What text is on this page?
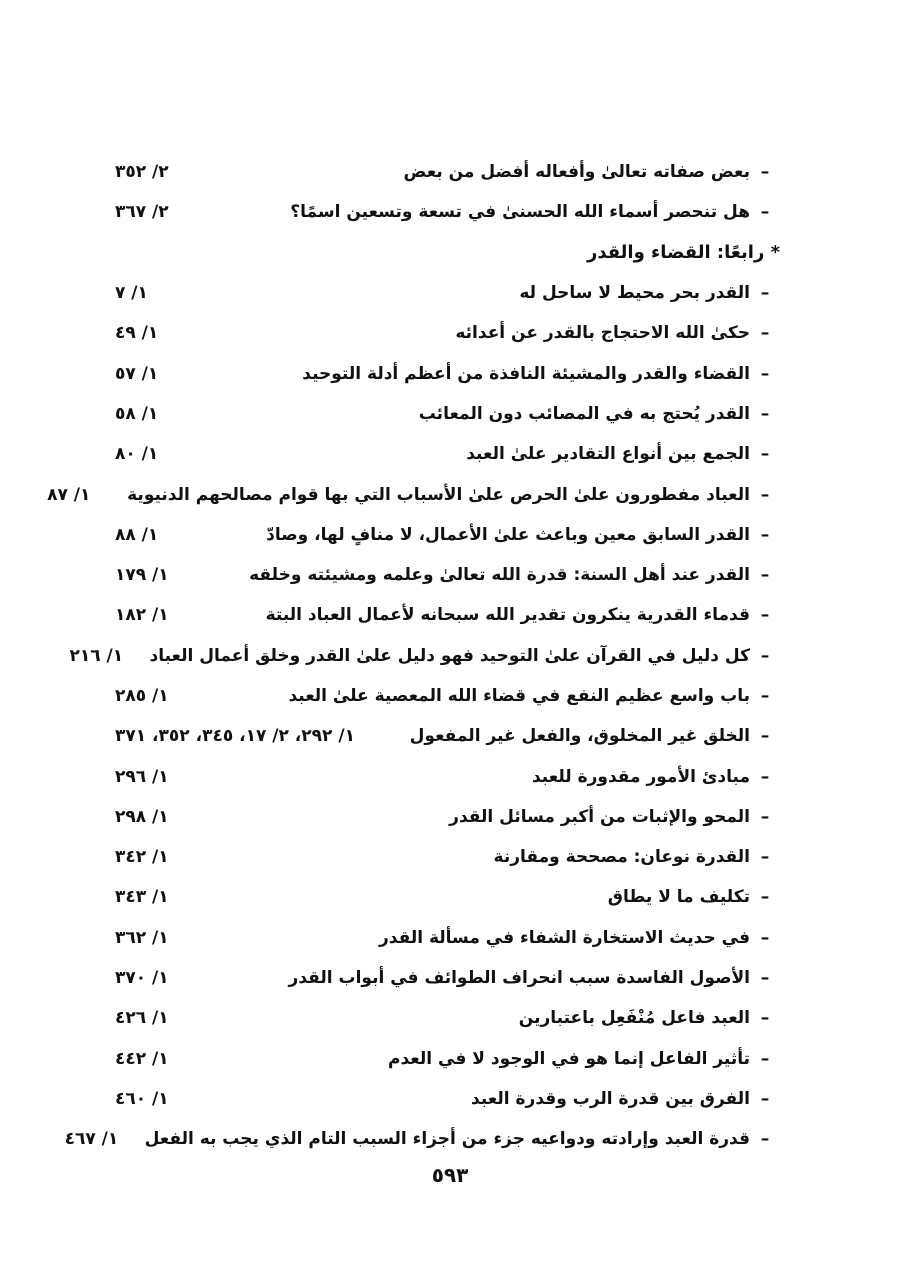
–
بعض صفاته تعالىٰ وأفعاله أفضل من بعض
٢/ ٣٥٢
–
هل تنحصر أسماء الله الحسنىٰ في تسعة وتسعين اسمًا؟
٢/ ٣٦٧
* رابعًا: القضاء والقدر
–
القدر بحر محيط لا ساحل له
١/ ٧
–
حكىٰ الله الاحتجاج بالقدر عن أعدائه
١/ ٤٩
–
القضاء والقدر والمشيئة النافذة من أعظم أدلة التوحيد
١/ ٥٧
–
القدر يُحتج به في المصائب دون المعائب
١/ ٥٨
–
الجمع بين أنواع التقادير علىٰ العبد
١/ ٨٠
–
العباد مفطورون علىٰ الحرص علىٰ الأسباب التي بها قوام مصالحهم الدنيوية
١/ ٨٧
–
القدر السابق معين وباعث علىٰ الأعمال، لا منافٍ لها، وصادّ
١/ ٨٨
–
القدر عند أهل السنة: قدرة الله تعالىٰ وعلمه ومشيئته وخلقه
١/ ١٧٩
–
قدماء القدرية ينكرون تقدير الله سبحانه لأعمال العباد البتة
١/ ١٨٢
–
كل دليل في القرآن علىٰ التوحيد فهو دليل علىٰ القدر وخلق أعمال العباد
١/ ٢١٦
–
باب واسع عظيم النفع في قضاء الله المعصية علىٰ العبد
١/ ٢٨٥
–
الخلق غير المخلوق، والفعل غير المفعول
١/ ٢٩٢، ٢/ ١٧، ٣٤٥، ٣٥٢، ٣٧١
–
مبادئ الأمور مقدورة للعبد
١/ ٢٩٦
–
المحو والإثبات من أكبر مسائل القدر
١/ ٢٩٨
–
القدرة نوعان: مصححة ومقارنة
١/ ٣٤٢
–
تكليف ما لا يطاق
١/ ٣٤٣
–
في حديث الاستخارة الشفاء في مسألة القدر
١/ ٣٦٢
–
الأصول الفاسدة سبب انحراف الطوائف في أبواب القدر
١/ ٣٧٠
–
العبد فاعل مُنْفَعِل باعتبارين
١/ ٤٢٦
–
تأثير الفاعل إنما هو في الوجود لا في العدم
١/ ٤٤٢
–
الفرق بين قدرة الرب وقدرة العبد
١/ ٤٦٠
–
قدرة العبد وإرادته ودواعيه جزء من أجزاء السبب التام الذي يجب به الفعل
١/ ٤٦٧
٥٩٣
